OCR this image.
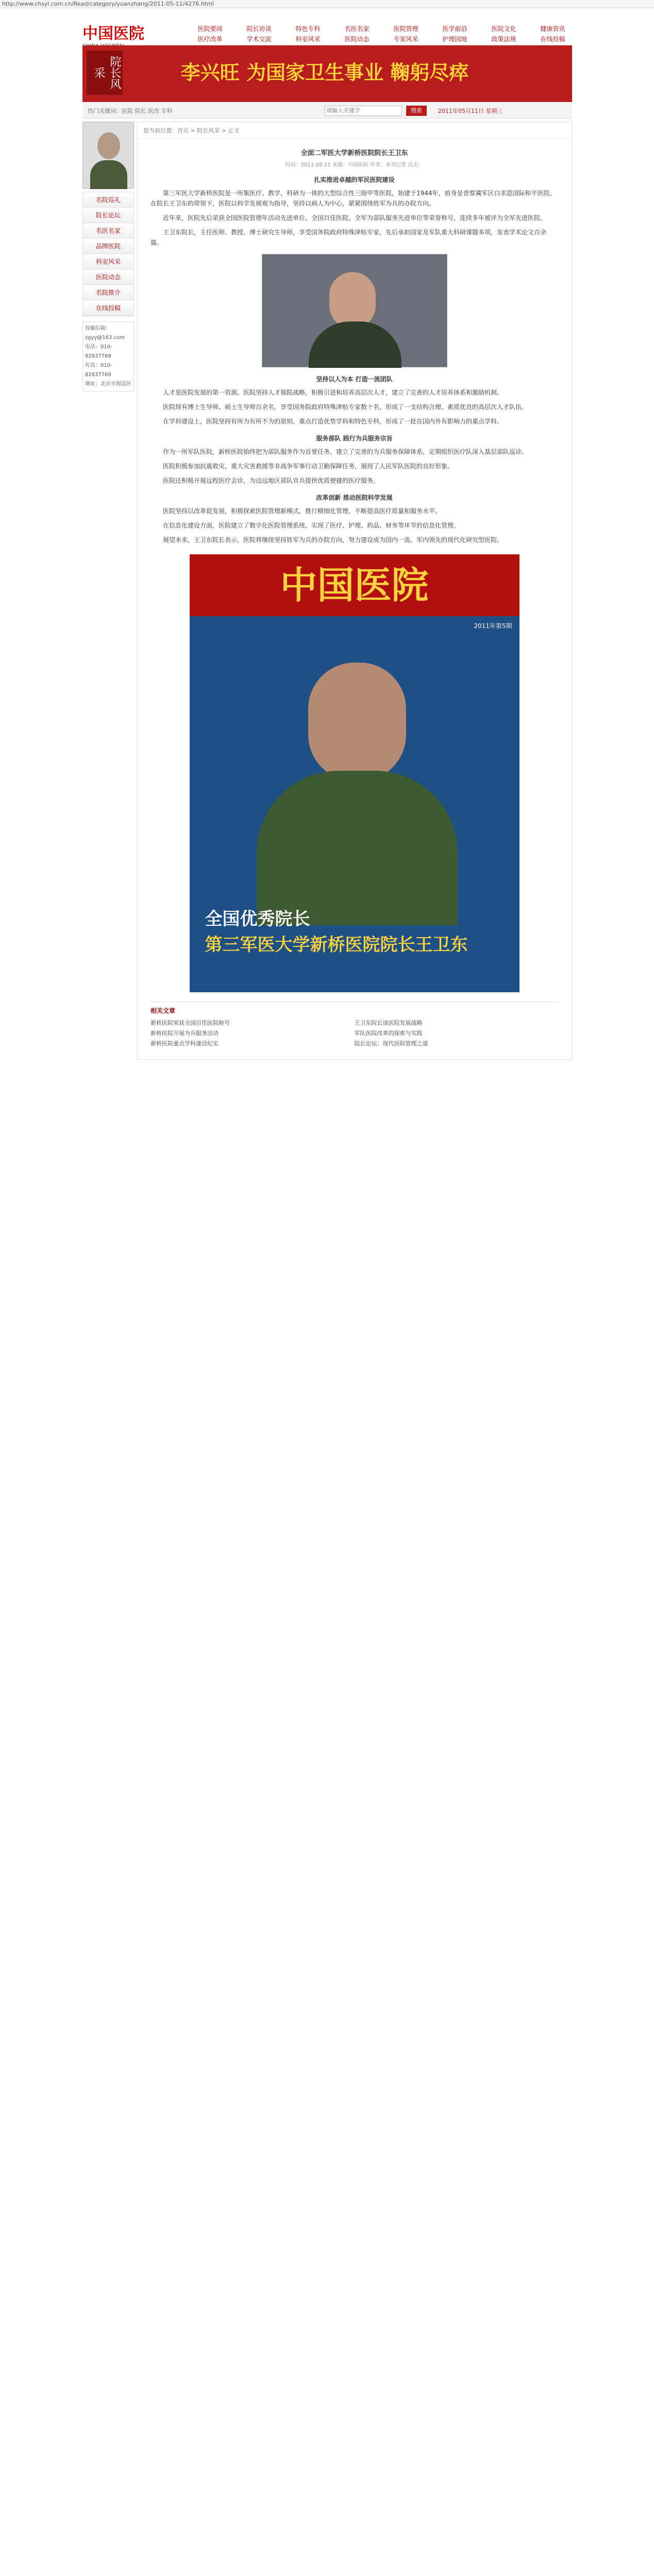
http://www.chsyl.com.cn/Read/category/yuanzhang/2011-05-11/4276.html
中国医院	医院要闻	院长访谈	特色专科	名医名家	医院管理	医学前沿	医院文化	健康资讯
医疗改革	学术交流	科室风采	医院动态	专家风采	护理园地	政策法规	在线投稿
院长风采	李兴旺 为国家卫生事业 鞠躬尽瘁
热门关键词：医院 院长 医改 专科
请输入关键字	搜索	2011年05月11日 星期三
名院巡礼
院长论坛
名医名家
品牌医院
科室风采
医院动态
名院推介
在线投稿
投稿信箱：zgyy@163.com
电话：010-82837769
传真：010-82837769
地址：北京市海淀区
您当前位置：首页 > 院长风采 > 正文
全面二军医大学新桥医院院长王卫东
时间：2011-05-11 来源：中国医院 作者：本刊记者 点击：
扎实推进卓越的军民医院建设

第三军医大学新桥医院是一所集医疗、教学、科研为一体的大型综合性三级甲等医院，始建于1944年，前身是晋察冀军区白求恩国际和平医院。在院长王卫东的带领下，医院以科学发展观为指导，坚持以病人为中心，紧紧围绕姓军为兵的办院方向。

近年来，医院先后荣获全国医院管理年活动先进单位、全国百佳医院、全军为部队服务先进单位等荣誉称号，连续多年被评为全军先进医院。

王卫东院长，主任医师、教授、博士研究生导师，享受国务院政府特殊津贴专家，先后承担国家及军队重大科研课题多项，发表学术论文百余篇。

坚持以人为本 打造一流团队

人才是医院发展的第一资源。医院坚持人才强院战略，积极引进和培养高层次人才，建立了完善的人才培养体系和激励机制。

医院现有博士生导师、硕士生导师百余名，享受国务院政府特殊津贴专家数十名，形成了一支结构合理、素质优良的高层次人才队伍。

在学科建设上，医院坚持有所为有所不为的原则，重点打造优势学科和特色专科，形成了一批在国内外有影响力的重点学科。

服务部队 践行为兵服务宗旨

作为一所军队医院，新桥医院始终把为部队服务作为首要任务，建立了完善的为兵服务保障体系，定期组织医疗队深入基层部队巡诊。

医院积极参加抗震救灾、重大灾害救援等非战争军事行动卫勤保障任务，展现了人民军队医院的良好形象。

医院还积极开展远程医疗会诊，为边远地区部队官兵提供优质便捷的医疗服务。

改革创新 推动医院科学发展

医院坚持以改革促发展，积极探索医院管理新模式，推行精细化管理，不断提高医疗质量和服务水平。

在信息化建设方面，医院建立了数字化医院管理系统，实现了医疗、护理、药品、财务等环节的信息化管理。

展望未来，王卫东院长表示，医院将继续坚持姓军为兵的办院方向，努力建设成为国内一流、军内领先的现代化研究型医院。

中国医院
2011年第5期
全国优秀院长
第三军医大学新桥医院院长王卫东
相关文章
新桥医院荣获全国百佳医院称号	王卫东院长谈医院发展战略
新桥医院开展为兵服务活动	军队医院改革的探索与实践
新桥医院重点学科建设纪实	院长论坛：现代医院管理之道
